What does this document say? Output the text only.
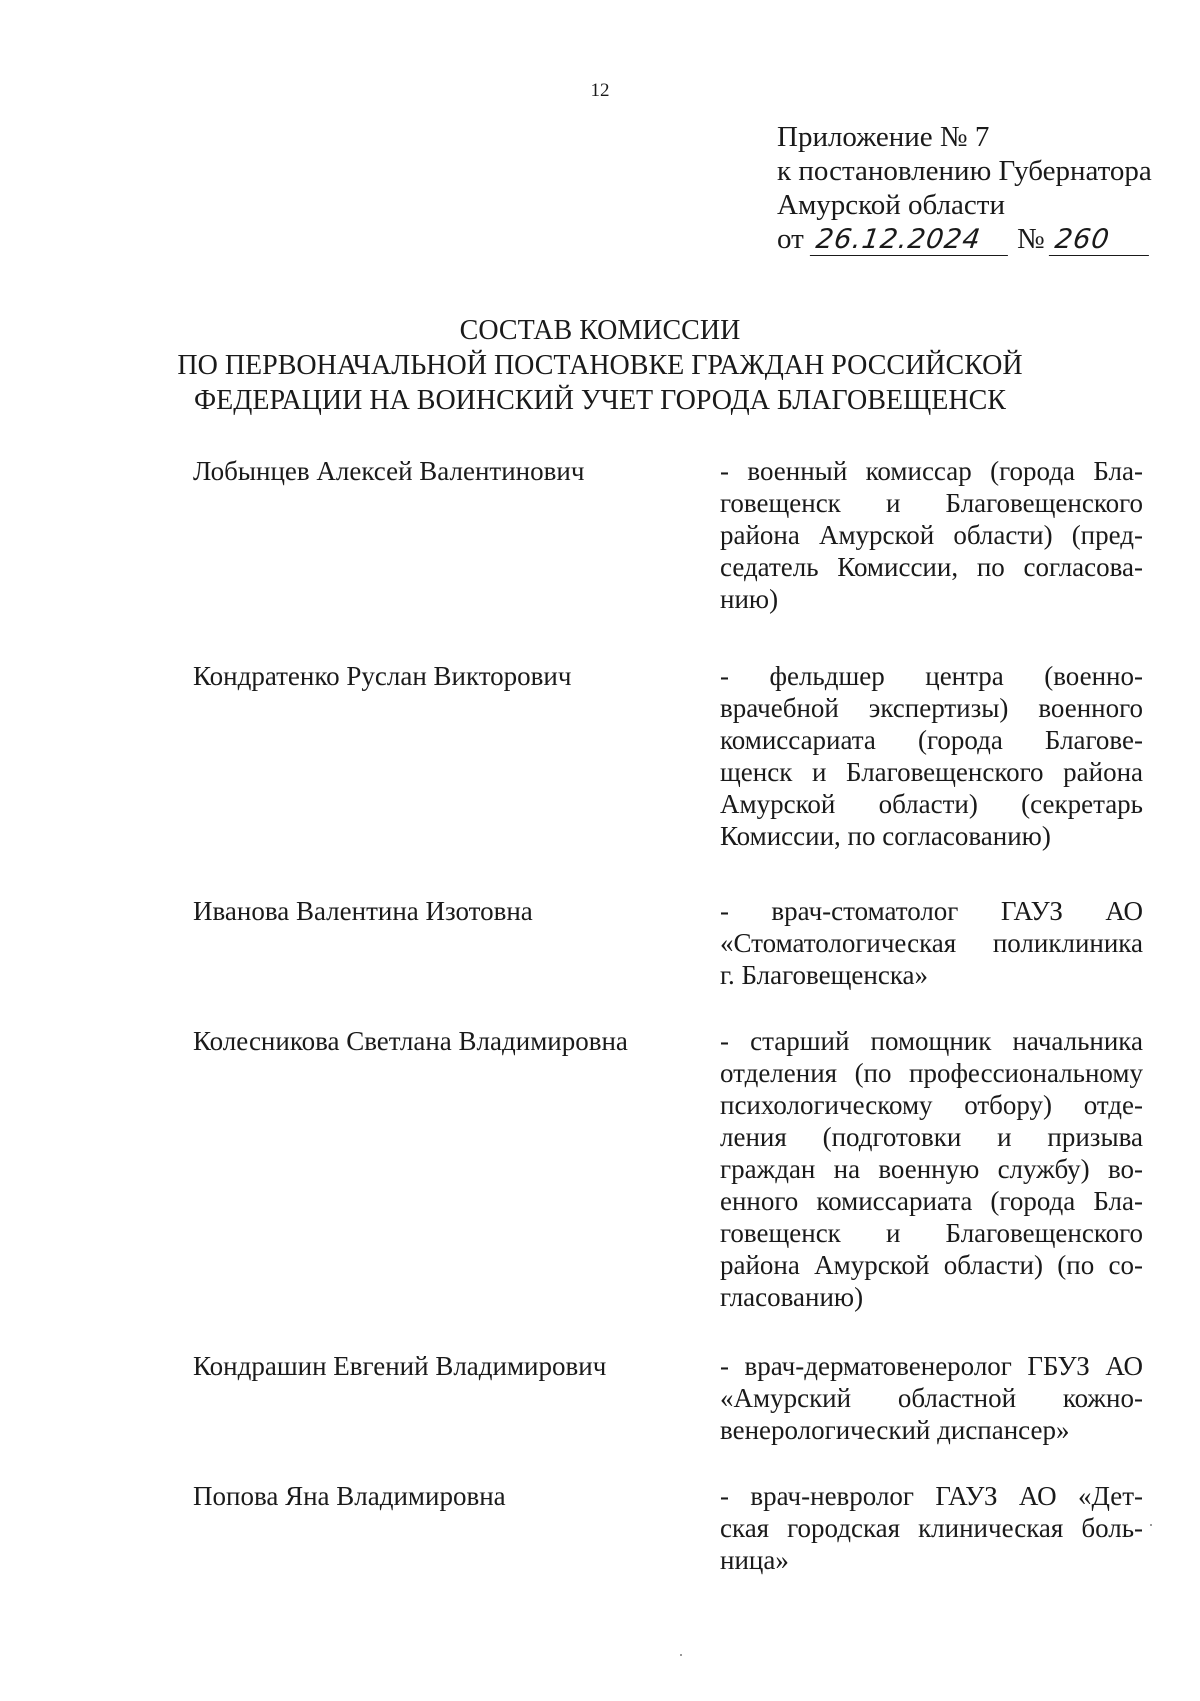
12
Приложение № 7
к постановлению Губернатора
Амурской области
от 26.12.2024 № 260
СОСТАВ КОМИССИИ
ПО ПЕРВОНАЧАЛЬНОЙ ПОСТАНОВКЕ ГРАЖДАН РОССИЙСКОЙ
ФЕДЕРАЦИИ НА ВОИНСКИЙ УЧЕТ ГОРОДА БЛАГОВЕЩЕНСК
Лобынцев Алексей Валентинович	- военный комиссар (города Бла-
говещенск и Благовещенского
района Амурской области) (пред-
седатель Комиссии, по согласова-
нию)
Кондратенко Руслан Викторович	- фельдшер центра (военно-
врачебной экспертизы) военного
комиссариата (города Благове-
щенск и Благовещенского района
Амурской области) (секретарь
Комиссии, по согласованию)
Иванова Валентина Изотовна	- врач-стоматолог ГАУЗ АО
«Стоматологическая поликлиника
г. Благовещенска»
Колесникова Светлана Владимировна	- старший помощник начальника
отделения (по профессиональному
психологическому отбору) отде-
ления (подготовки и призыва
граждан на военную службу) во-
енного комиссариата (города Бла-
говещенск и Благовещенского
района Амурской области) (по со-
гласованию)
Кондрашин Евгений Владимирович	- врач-дерматовенеролог ГБУЗ АО
«Амурский областной кожно-
венерологический диспансер»
Попова Яна Владимировна	- врач-невролог ГАУЗ АО «Дет-
ская городская клиническая боль-
ница»
